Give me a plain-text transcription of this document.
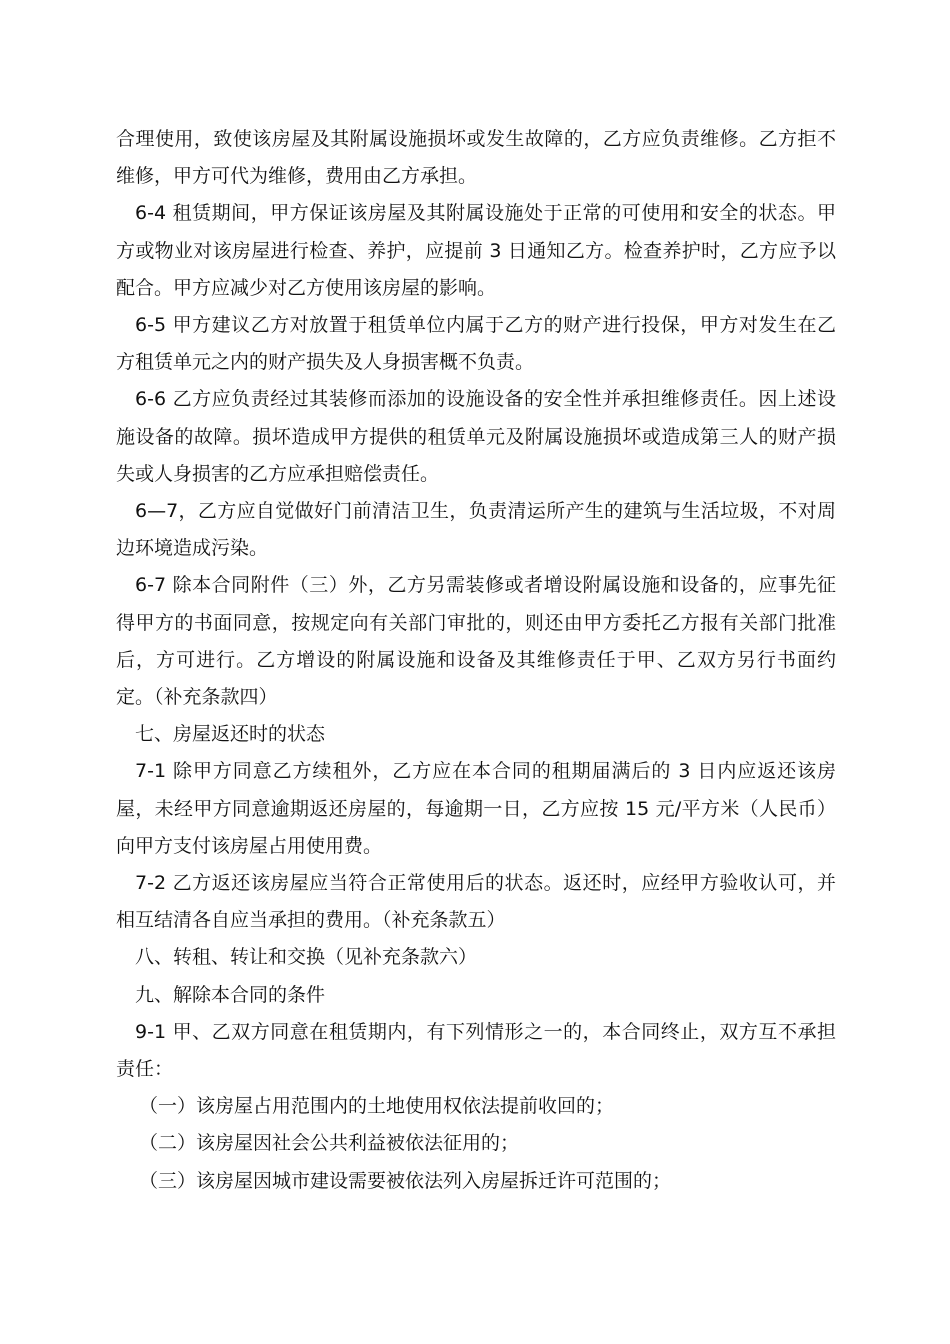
合理使用，致使该房屋及其附属设施损坏或发生故障的，乙方应负责维修。乙方拒不维修，甲方可代为维修，费用由乙方承担。

6-4 租赁期间，甲方保证该房屋及其附属设施处于正常的可使用和安全的状态。甲方或物业对该房屋进行检查、养护，应提前 3 日通知乙方。检查养护时，乙方应予以配合。甲方应减少对乙方使用该房屋的影响。

6-5 甲方建议乙方对放置于租赁单位内属于乙方的财产进行投保，甲方对发生在乙方租赁单元之内的财产损失及人身损害概不负责。

6-6 乙方应负责经过其装修而添加的设施设备的安全性并承担维修责任。因上述设施设备的故障。损坏造成甲方提供的租赁单元及附属设施损坏或造成第三人的财产损失或人身损害的乙方应承担赔偿责任。

6—7，乙方应自觉做好门前清洁卫生，负责清运所产生的建筑与生活垃圾，不对周边环境造成污染。

6-7 除本合同附件（三）外，乙方另需装修或者增设附属设施和设备的，应事先征得甲方的书面同意，按规定向有关部门审批的，则还由甲方委托乙方报有关部门批准后，方可进行。乙方增设的附属设施和设备及其维修责任于甲、乙双方另行书面约定。（补充条款四）

七、房屋返还时的状态

7-1 除甲方同意乙方续租外，乙方应在本合同的租期届满后的 3 日内应返还该房屋，未经甲方同意逾期返还房屋的，每逾期一日，乙方应按 15 元/平方米（人民币）向甲方支付该房屋占用使用费。

7-2 乙方返还该房屋应当符合正常使用后的状态。返还时，应经甲方验收认可，并相互结清各自应当承担的费用。（补充条款五）

八、转租、转让和交换（见补充条款六）

九、解除本合同的条件

9-1 甲、乙双方同意在租赁期内，有下列情形之一的，本合同终止，双方互不承担责任：

（一）该房屋占用范围内的土地使用权依法提前收回的；

（二）该房屋因社会公共利益被依法征用的；

（三）该房屋因城市建设需要被依法列入房屋拆迁许可范围的；
